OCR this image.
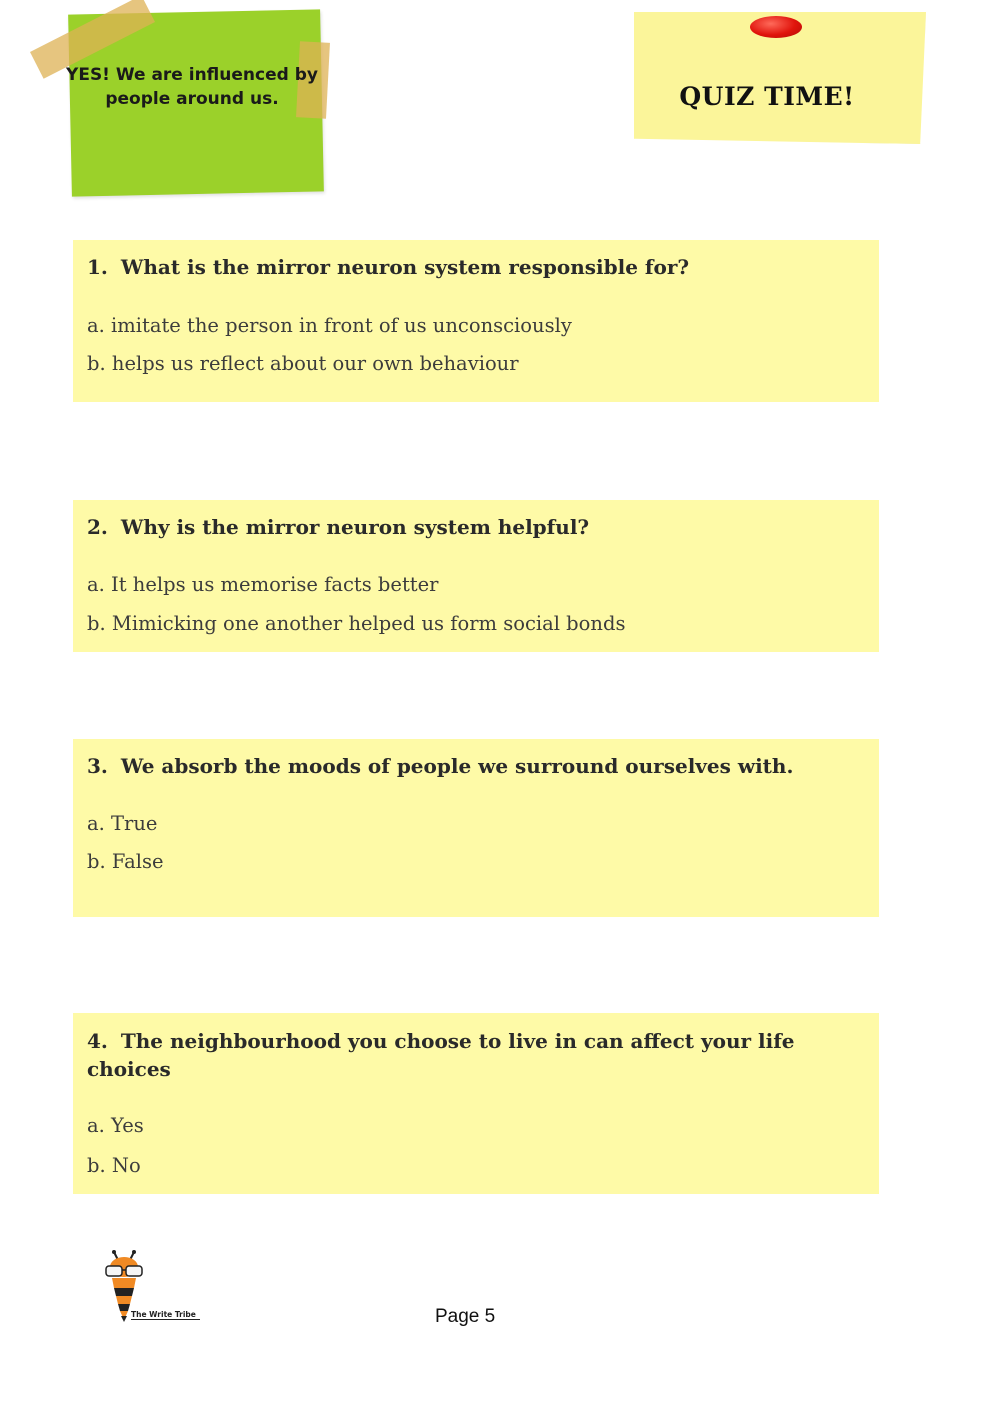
YES! We are influenced by people around us.	QUIZ TIME!
1. What is the mirror neuron system responsible for?
a. imitate the person in front of us unconsciously
b. helps us reflect about our own behaviour
2. Why is the mirror neuron system helpful?
a. It helps us memorise facts better
b. Mimicking one another helped us form social bonds
3. We absorb the moods of people we surround ourselves with.
a. True
b. False
4. The neighbourhood you choose to live in can affect your life choices
a. Yes
b. No
The Write Tribe	Page 5
